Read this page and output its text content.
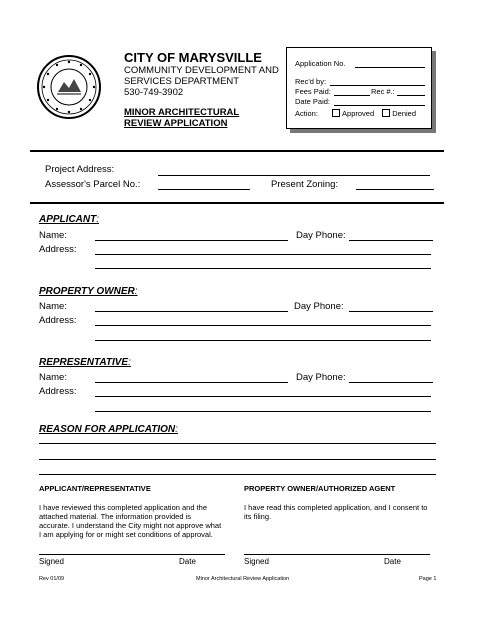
CITY OF MARYSVILLE
COMMUNITY DEVELOPMENT AND
SERVICES DEPARTMENT
530-749-3902
MINOR ARCHITECTURAL
REVIEW APPLICATION
Application No.
Rec'd by:
Fees Paid:	Rec #.:
Date Paid:
Action:	Approved Denied
Project Address:
Assessor's Parcel No.:	Present Zoning:
APPLICANT:
Name:	Day Phone:
Address:
PROPERTY OWNER:
Name:	Day Phone:
Address:
REPRESENTATIVE:
Name:	Day Phone:
Address:
REASON FOR APPLICATION:
APPLICANT/REPRESENTATIVE
I have reviewed this completed application and the
attached material. The information provided is
accurate. I understand the City might not approve what
I am applying for or might set conditions of approval.
PROPERTY OWNER/AUTHORIZED AGENT
I have read this completed application, and I consent to
its filing.
Signed	Date	Signed	Date
Rev 01/09	Minor Architectural Review Application	Page 1
